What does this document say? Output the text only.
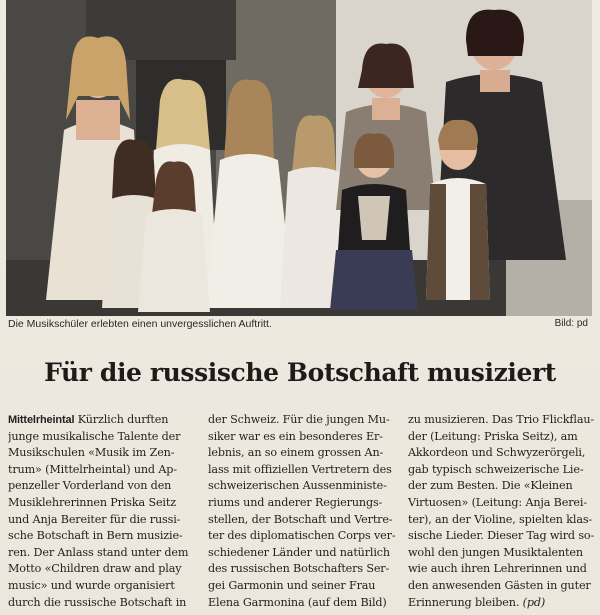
Die Musikschüler erlebten einen unvergesslichen Auftritt.	Bild: pd
Für die russische Botschaft musiziert
Mittelrheintal Kürzlich durften
junge musikalische Talente der
Musikschulen «Musik im Zen-
trum» (Mittelrheintal) und Ap-
penzeller Vorderland von den
Musiklehrerinnen Priska Seitz
und Anja Bereiter für die russi-
sche Botschaft in Bern musizie-
ren. Der Anlass stand unter dem
Motto «Children draw and play
music» und wurde organisiert
durch die russische Botschaft in
der Schweiz. Für die jungen Mu-
siker war es ein besonderes Er-
lebnis, an so einem grossen An-
lass mit offiziellen Vertretern des
schweizerischen Aussenministe-
riums und anderer Regierungs-
stellen, der Botschaft und Vertre-
ter des diplomatischen Corps ver-
schiedener Länder und natürlich
des russischen Botschafters Ser-
gei Garmonin und seiner Frau
Elena Garmonina (auf dem Bild)
zu musizieren. Das Trio Flickflau-
der (Leitung: Priska Seitz), am
Akkordeon und Schwyzerörgeli,
gab typisch schweizerische Lie-
der zum Besten. Die «Kleinen
Virtuosen» (Leitung: Anja Berei-
ter), an der Violine, spielten klas-
sische Lieder. Dieser Tag wird so-
wohl den jungen Musiktalenten
wie auch ihren Lehrerinnen und
den anwesenden Gästen in guter
Erinnerung bleiben. (pd)
